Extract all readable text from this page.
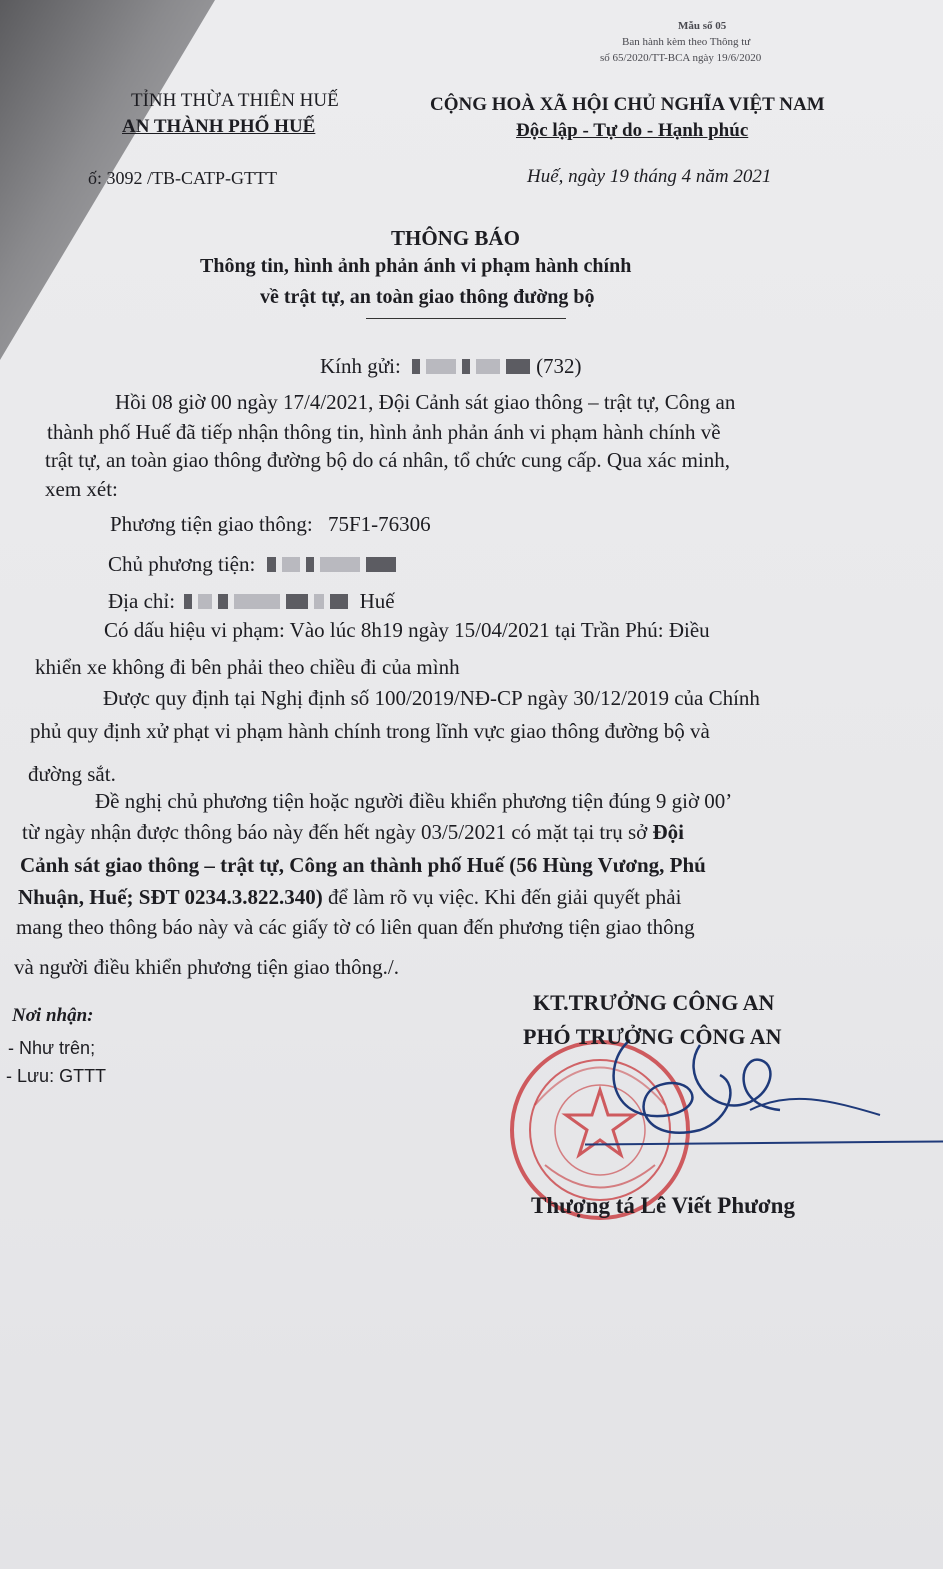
Mẫu số 05
Ban hành kèm theo Thông tư
số 65/2020/TT-BCA ngày 19/6/2020
TỈNH THỪA THIÊN HUẾ
AN THÀNH PHỐ HUẾ
ố: 3092 /TB-CATP-GTTT
CỘNG HOÀ XÃ HỘI CHỦ NGHĨA VIỆT NAM
Độc lập - Tự do - Hạnh phúc
Huế, ngày 19 tháng 4 năm 2021
THÔNG BÁO
Thông tin, hình ảnh phản ánh vi phạm hành chính
về trật tự, an toàn giao thông đường bộ
Kính gửi:	(732)
Hồi 08 giờ 00 ngày 17/4/2021, Đội Cảnh sát giao thông – trật tự, Công an
thành phố Huế đã tiếp nhận thông tin, hình ảnh phản ánh vi phạm hành chính về
trật tự, an toàn giao thông đường bộ do cá nhân, tổ chức cung cấp. Qua xác minh,
xem xét:
Phương tiện giao thông: 75F1-76306
Chủ phương tiện:
Địa chỉ:	Huế
Có dấu hiệu vi phạm: Vào lúc 8h19 ngày 15/04/2021 tại Trần Phú: Điều
khiển xe không đi bên phải theo chiều đi của mình
Được quy định tại Nghị định số 100/2019/NĐ-CP ngày 30/12/2019 của Chính
phủ quy định xử phạt vi phạm hành chính trong lĩnh vực giao thông đường bộ và
đường sắt.
Đề nghị chủ phương tiện hoặc người điều khiển phương tiện đúng 9 giờ 00’
từ ngày nhận được thông báo này đến hết ngày 03/5/2021 có mặt tại trụ sở Đội
Cảnh sát giao thông – trật tự, Công an thành phố Huế (56 Hùng Vương, Phú
Nhuận, Huế; SĐT 0234.3.822.340) để làm rõ vụ việc. Khi đến giải quyết phải
mang theo thông báo này và các giấy tờ có liên quan đến phương tiện giao thông
và người điều khiển phương tiện giao thông./.
Nơi nhận:
- Như trên;
- Lưu: GTTT
KT.TRƯỞNG CÔNG AN
PHÓ TRƯỞNG CÔNG AN
Thượng tá Lê Viết Phương
